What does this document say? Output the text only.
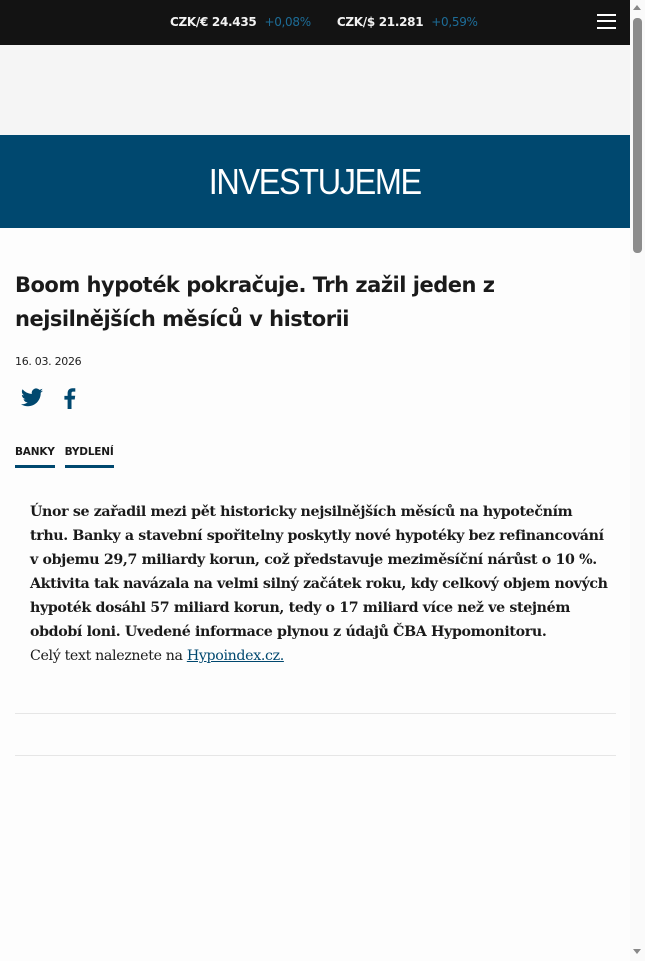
CZK/€ 24.435 +0,08% CZK/$ 21.281 +0,59%
INVESTUJEME
Boom hypoték pokračuje. Trh zažil jeden z nejsilnějších měsíců v historii
16. 03. 2026
BANKY BYDLENÍ

Únor se zařadil mezi pět historicky nejsilnějších měsíců na hypotečním trhu. Banky a stavební spořitelny poskytly nové hypotéky bez refinancování v objemu 29,7 miliardy korun, což představuje meziměsíční nárůst o 10 %. Aktivita tak navázala na velmi silný začátek roku, kdy celkový objem nových hypoték dosáhl 57 miliard korun, tedy o 17 miliard více než ve stejném období loni. Uvedené informace plynou z údajů ČBA Hypomonitoru.

Celý text naleznete na Hypoindex.cz.
